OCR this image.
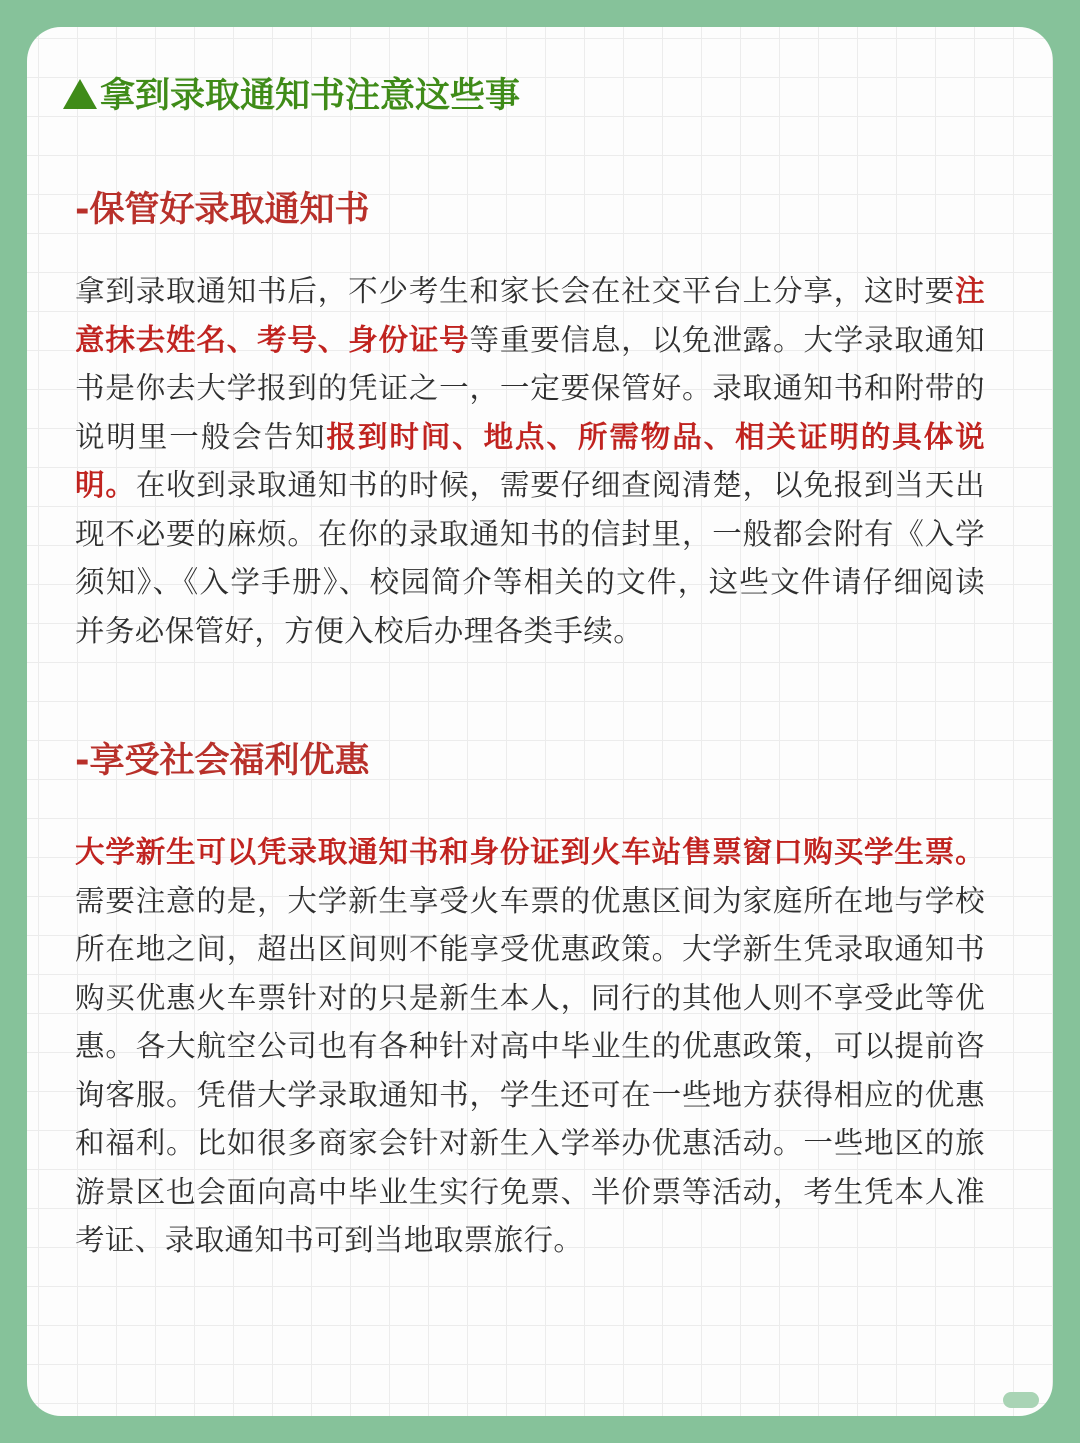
拿到录取通知书注意这些事
-保管好录取通知书

拿到录取通知书后，不少考生和家长会在社交平台上分享，这时要注意抹去姓名、考号、身份证号等重要信息，以免泄露。大学录取通知书是你去大学报到的凭证之一，一定要保管好。录取通知书和附带的说明里一般会告知报到时间、地点、所需物品、相关证明的具体说明。在收到录取通知书的时候，需要仔细查阅清楚，以免报到当天出现不必要的麻烦。在你的录取通知书的信封里，一般都会附有《入学须知》、《入学手册》、校园简介等相关的文件，这些文件请仔细阅读并务必保管好，方便入校后办理各类手续。

-享受社会福利优惠

大学新生可以凭录取通知书和身份证到火车站售票窗口购买学生票。需要注意的是，大学新生享受火车票的优惠区间为家庭所在地与学校所在地之间，超出区间则不能享受优惠政策。大学新生凭录取通知书购买优惠火车票针对的只是新生本人，同行的其他人则不享受此等优惠。各大航空公司也有各种针对高中毕业生的优惠政策，可以提前咨询客服。凭借大学录取通知书，学生还可在一些地方获得相应的优惠和福利。比如很多商家会针对新生入学举办优惠活动。一些地区的旅游景区也会面向高中毕业生实行免票、半价票等活动，考生凭本人准考证、录取通知书可到当地取票旅行。
